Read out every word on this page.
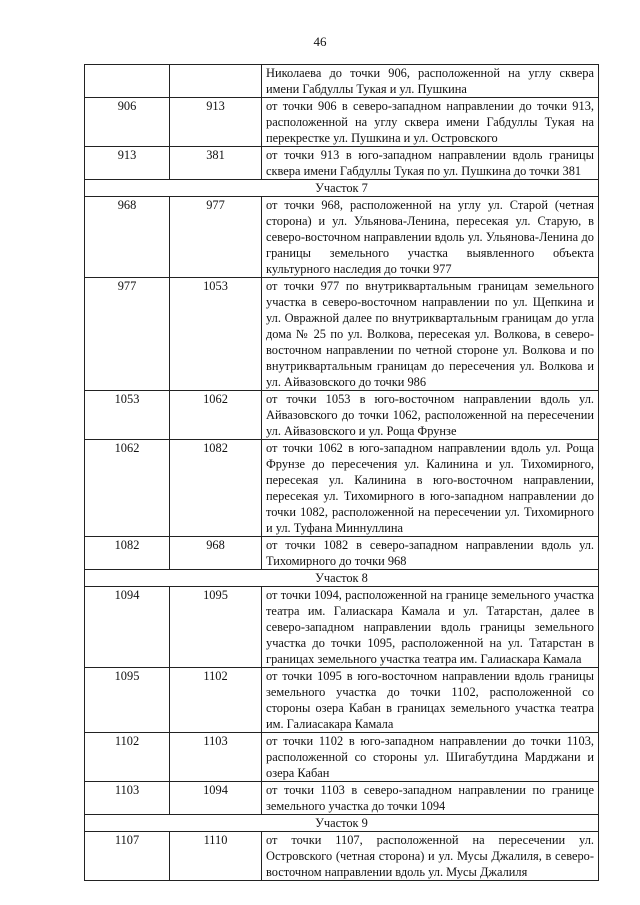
46
		Николаева до точки 906, расположенной на углу сквера имени Габдуллы Тукая и ул. Пушкина
906	913	от точки 906 в северо-западном направлении до точки 913, расположенной на углу сквера имени Габдуллы Тукая на перекрестке ул. Пушкина и ул. Островского
913	381	от точки 913 в юго-западном направлении вдоль границы сквера имени Габдуллы Тукая по ул. Пушкина до точки 381
Участок 7		
968	977	от точки 968, расположенной на углу ул. Старой (четная сторона) и ул. Ульянова-Ленина, пересекая ул. Старую, в северо-восточном направлении вдоль ул. Ульянова-Ленина до границы земельного участка выявленного объекта культурного наследия до точки 977
977	1053	от точки 977 по внутриквартальным границам земельного участка в северо-восточном направлении по ул. Щепкина и ул. Овражной далее по внутриквартальным границам до угла дома № 25 по ул. Волкова, пересекая ул. Волкова, в северо-восточном направлении по четной стороне ул. Волкова и по внутриквартальным границам до пересечения ул. Волкова и ул. Айвазовского до точки 986
1053	1062	от точки 1053 в юго-восточном направлении вдоль ул. Айвазовского до точки 1062, расположенной на пересечении ул. Айвазовского и ул. Роща Фрунзе
1062	1082	от точки 1062 в юго-западном направлении вдоль ул. Роща Фрунзе до пересечения ул. Калинина и ул. Тихомирного, пересекая ул. Калинина в юго-восточном направлении, пересекая ул. Тихомирного в юго-западном направлении до точки 1082, расположенной на пересечении ул. Тихомирного и ул. Туфана Миннуллина
1082	968	от точки 1082 в северо-западном направлении вдоль ул. Тихомирного до точки 968
Участок 8		
1094	1095	от точки 1094, расположенной на границе земельного участка театра им. Галиаскара Камала и ул. Татарстан, далее в северо-западном направлении вдоль границы земельного участка до точки 1095, расположенной на ул. Татарстан в границах земельного участка театра им. Галиаскара Камала
1095	1102	от точки 1095 в юго-восточном направлении вдоль границы земельного участка до точки 1102, расположенной со стороны озера Кабан в границах земельного участка театра им. Галиасакара Камала
1102	1103	от точки 1102 в юго-западном направлении до точки 1103, расположенной со стороны ул. Шигабутдина Марджани и озера Кабан
1103	1094	от точки 1103 в северо-западном направлении по границе земельного участка до точки 1094
Участок 9		
1107	1110	от точки 1107, расположенной на пересечении ул. Островского (четная сторона) и ул. Мусы Джалиля, в северо-восточном направлении вдоль ул. Мусы Джалиля
